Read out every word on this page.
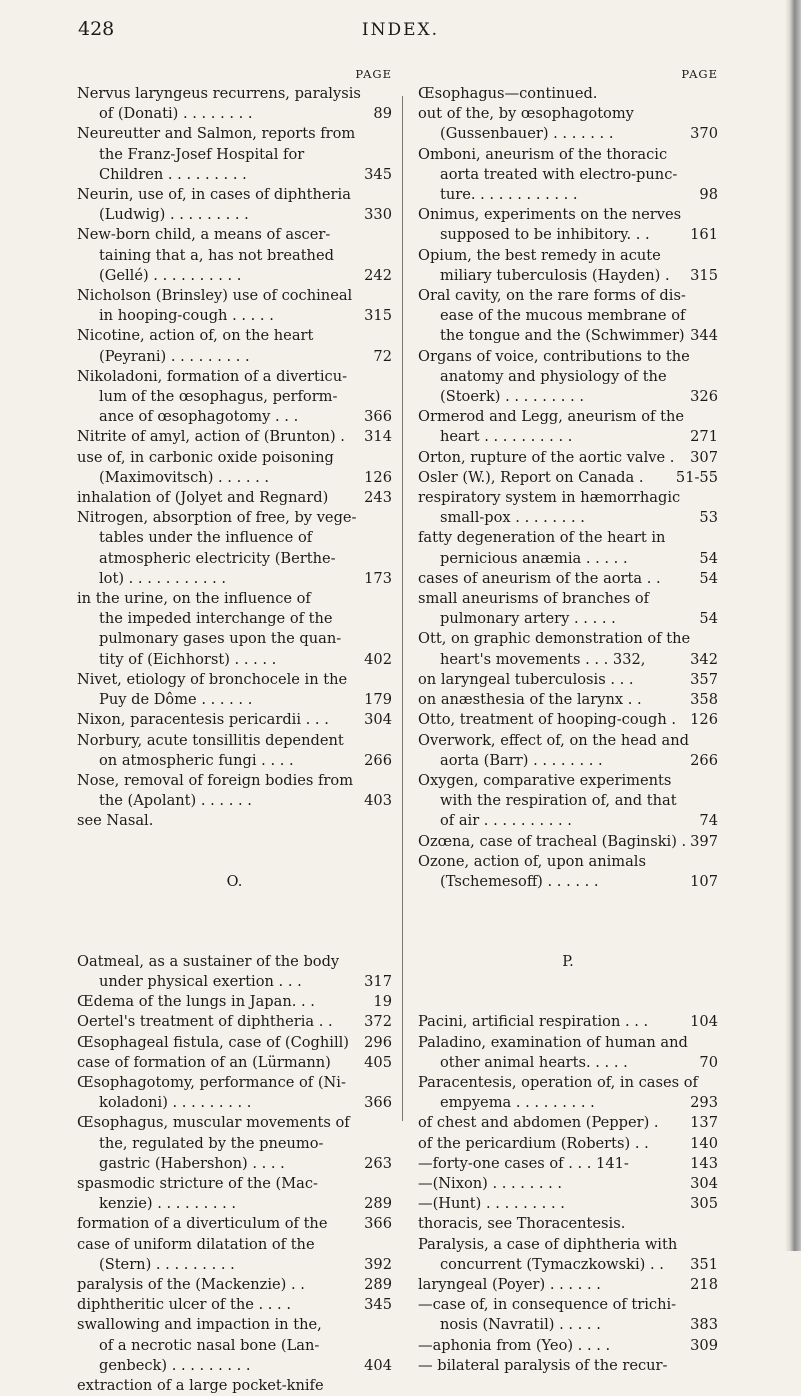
428	INDEX.
PAGE
Nervus laryngeus recurrens, paralysis
of (Donati) . . . . . . . .	89
Neureutter and Salmon, reports from
the Franz-Josef Hospital for
Children . . . . . . . . .	345
Neurin, use of, in cases of diphtheria
(Ludwig) . . . . . . . . .	330
New-born child, a means of ascer-
taining that a, has not breathed
(Gellé) . . . . . . . . . .	242
Nicholson (Brinsley) use of cochineal
in hooping-cough . . . . .	315
Nicotine, action of, on the heart
(Peyrani) . . . . . . . . .	72
Nikoladoni, formation of a diverticu-
lum of the œsophagus, perform-
ance of œsophagotomy . . .	366
Nitrite of amyl, action of (Brunton) .	314
use of, in carbonic oxide poisoning
(Maximovitsch) . . . . . .	126
inhalation of (Jolyet and Regnard)	243
Nitrogen, absorption of free, by vege-
tables under the influence of
atmospheric electricity (Berthe-
lot) . . . . . . . . . . .	173
in the urine, on the influence of
the impeded interchange of the
pulmonary gases upon the quan-
tity of (Eichhorst) . . . . .	402
Nivet, etiology of bronchocele in the
Puy de Dôme . . . . . .	179
Nixon, paracentesis pericardii . . .	304
Norbury, acute tonsillitis dependent
on atmospheric fungi . . . .	266
Nose, removal of foreign bodies from
the (Apolant) . . . . . .	403
see Nasal.
O.
Oatmeal, as a sustainer of the body
under physical exertion . . .	317
Œdema of the lungs in Japan. . .	19
Oertel's treatment of diphtheria . .	372
Œsophageal fistula, case of (Coghill)	296
case of formation of an (Lürmann)	405
Œsophagotomy, performance of (Ni-
koladoni) . . . . . . . . .	366
Œsophagus, muscular movements of
the, regulated by the pneumo-
gastric (Habershon) . . . .	263
spasmodic stricture of the (Mac-
kenzie) . . . . . . . . .	289
formation of a diverticulum of the	366
case of uniform dilatation of the
(Stern) . . . . . . . . .	392
paralysis of the (Mackenzie) . .	289
diphtheritic ulcer of the . . . .	345
swallowing and impaction in the,
of a necrotic nasal bone (Lan-
genbeck) . . . . . . . . .	404
extraction of a large pocket-knife
PAGE
Œsophagus—continued.
out of the, by œsophagotomy
(Gussenbauer) . . . . . . .	370
Omboni, aneurism of the thoracic
aorta treated with electro-punc-
ture. . . . . . . . . . . .	98
Onimus, experiments on the nerves
supposed to be inhibitory. . .	161
Opium, the best remedy in acute
miliary tuberculosis (Hayden) .	315
Oral cavity, on the rare forms of dis-
ease of the mucous membrane of
the tongue and the (Schwimmer) 344
Organs of voice, contributions to the
anatomy and physiology of the
(Stoerk) . . . . . . . . .	326
Ormerod and Legg, aneurism of the
heart . . . . . . . . . .	271
Orton, rupture of the aortic valve .	307
Osler (W.), Report on Canada .	51-55
respiratory system in hæmorrhagic
small-pox . . . . . . . .	53
fatty degeneration of the heart in
pernicious anæmia . . . . .	54
cases of aneurism of the aorta . .	54
small aneurisms of branches of
pulmonary artery . . . . .	54
Ott, on graphic demonstration of the
heart's movements . . . 332,	342
on laryngeal tuberculosis . . .	357
on anæsthesia of the larynx . .	358
Otto, treatment of hooping-cough . 126
Overwork, effect of, on the head and
aorta (Barr) . . . . . . . .	266
Oxygen, comparative experiments
with the respiration of, and that
of air . . . . . . . . . .	74
Ozœna, case of tracheal (Baginski) . 397
Ozone, action of, upon animals
(Tschemesoff) . . . . . .	107
P.
Pacini, artificial respiration . . .	104
Paladino, examination of human and
other animal hearts. . . . .	70
Paracentesis, operation of, in cases of
empyema . . . . . . . . .	293
of chest and abdomen (Pepper) .	137
of the pericardium (Roberts) . .	140
—forty-one cases of . . . 141-	143
—(Nixon) . . . . . . . .	304
—(Hunt) . . . . . . . . .	305
thoracis, see Thoracentesis.
Paralysis, a case of diphtheria with
concurrent (Tymaczkowski) . .	351
laryngeal (Poyer) . . . . . .	218
—case of, in consequence of trichi-
nosis (Navratil) . . . . .	383
—aphonia from (Yeo) . . . .	309
— bilateral paralysis of the recur-
